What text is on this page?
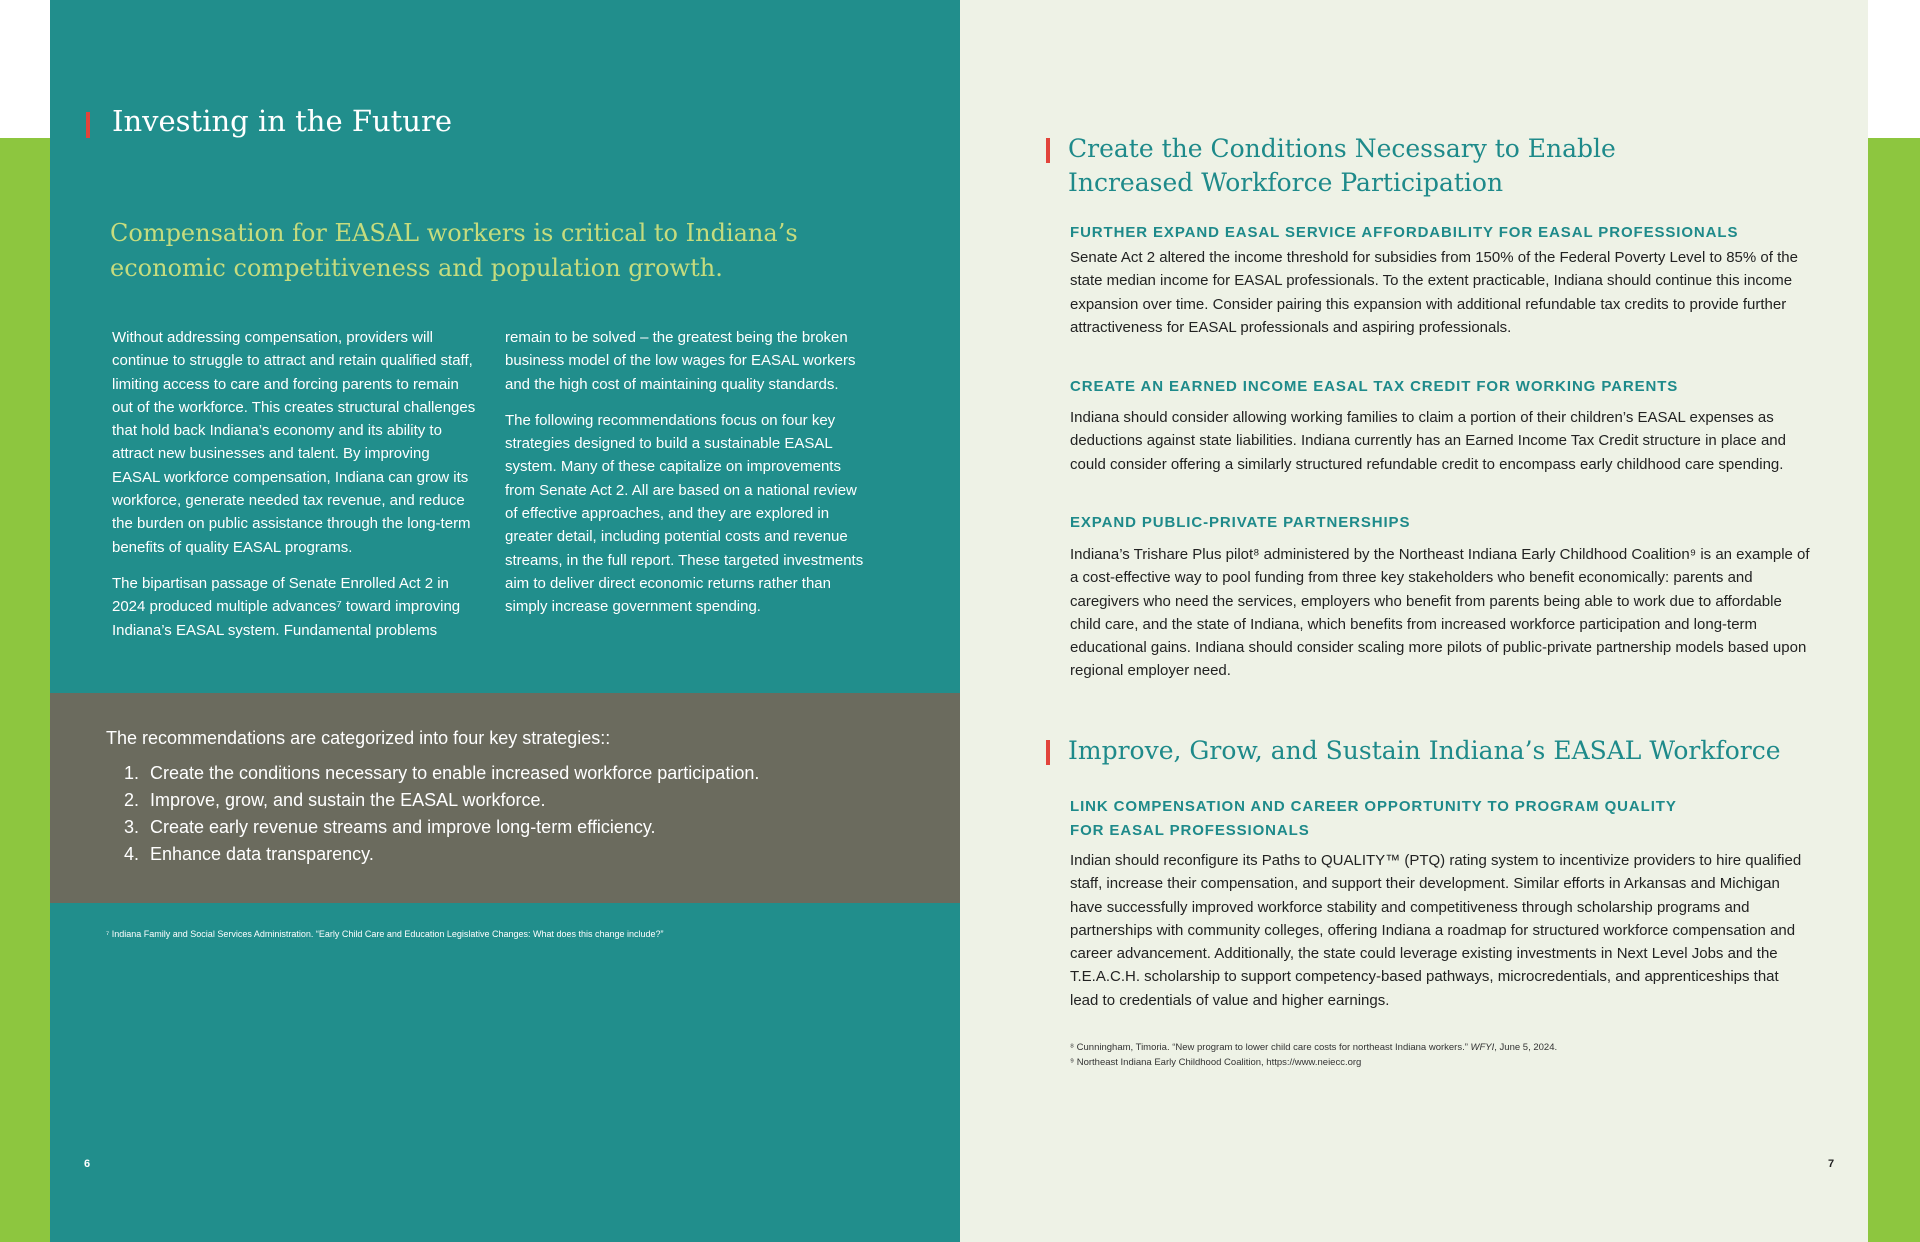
Investing in the Future
Compensation for EASAL workers is critical to Indiana’s economic competitiveness and population growth.

Without addressing compensation, providers will continue to struggle to attract and retain qualified staff, limiting access to care and forcing parents to remain out of the workforce. This creates structural challenges that hold back Indiana’s economy and its ability to attract new businesses and talent. By improving EASAL workforce compensation, Indiana can grow its workforce, generate needed tax revenue, and reduce the burden on public assistance through the long-term benefits of quality EASAL programs.

The bipartisan passage of Senate Enrolled Act 2 in 2024 produced multiple advances⁷ toward improving Indiana’s EASAL system. Fundamental problems

remain to be solved – the greatest being the broken business model of the low wages for EASAL workers and the high cost of maintaining quality standards.

The following recommendations focus on four key strategies designed to build a sustainable EASAL system. Many of these capitalize on improvements from Senate Act 2. All are based on a national review of effective approaches, and they are explored in greater detail, including potential costs and revenue streams, in the full report. These targeted investments aim to deliver direct economic returns rather than simply increase government spending.

The recommendations are categorized into four key strategies::
1. Create the conditions necessary to enable increased workforce participation.
2. Improve, grow, and sustain the EASAL workforce.
3. Create early revenue streams and improve long-term efficiency.
4. Enhance data transparency.
⁷ Indiana Family and Social Services Administration. “Early Child Care and Education Legislative Changes: What does this change include?”
6
Create the Conditions Necessary to Enable
Increased Workforce Participation
FURTHER EXPAND EASAL SERVICE AFFORDABILITY FOR EASAL PROFESSIONALS
Senate Act 2 altered the income threshold for subsidies from 150% of the Federal Poverty Level to 85% of the state median income for EASAL professionals. To the extent practicable, Indiana should continue this income expansion over time. Consider pairing this expansion with additional refundable tax credits to provide further attractiveness for EASAL professionals and aspiring professionals.
CREATE AN EARNED INCOME EASAL TAX CREDIT FOR WORKING PARENTS
Indiana should consider allowing working families to claim a portion of their children’s EASAL expenses as deductions against state liabilities. Indiana currently has an Earned Income Tax Credit structure in place and could consider offering a similarly structured refundable credit to encompass early childhood care spending.
EXPAND PUBLIC-PRIVATE PARTNERSHIPS
Indiana’s Trishare Plus pilot⁸ administered by the Northeast Indiana Early Childhood Coalition⁹ is an example of a cost-effective way to pool funding from three key stakeholders who benefit economically: parents and caregivers who need the services, employers who benefit from parents being able to work due to affordable child care, and the state of Indiana, which benefits from increased workforce participation and long-term educational gains. Indiana should consider scaling more pilots of public-private partnership models based upon regional employer need.
Improve, Grow, and Sustain Indiana’s EASAL Workforce
LINK COMPENSATION AND CAREER OPPORTUNITY TO PROGRAM QUALITY
FOR EASAL PROFESSIONALS
Indian should reconfigure its Paths to QUALITY™ (PTQ) rating system to incentivize providers to hire qualified staff, increase their compensation, and support their development. Similar efforts in Arkansas and Michigan have successfully improved workforce stability and competitiveness through scholarship programs and partnerships with community colleges, offering Indiana a roadmap for structured workforce compensation and career advancement. Additionally, the state could leverage existing investments in Next Level Jobs and the T.E.A.C.H. scholarship to support competency-based pathways, microcredentials, and apprenticeships that lead to credentials of value and higher earnings.
⁸ Cunningham, Timoria. “New program to lower child care costs for northeast Indiana workers.” WFYI, June 5, 2024.
⁹ Northeast Indiana Early Childhood Coalition, https://www.neiecc.org
7
